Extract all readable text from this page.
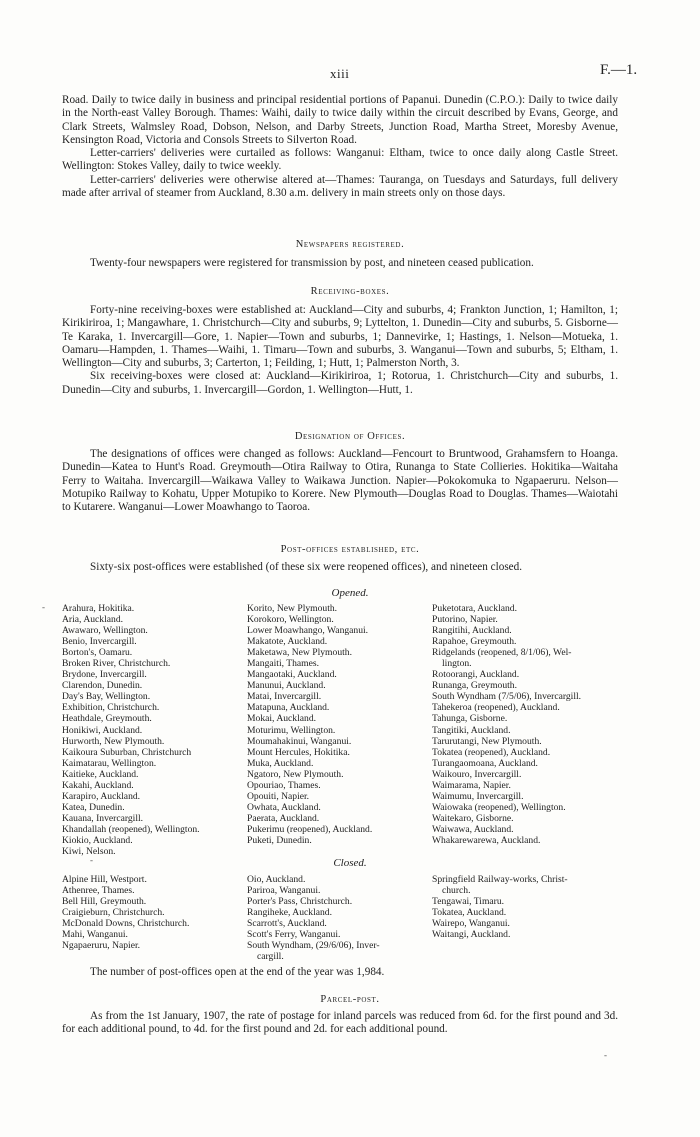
xiii	F.—1.
Road. Daily to twice daily in business and principal residential portions of Papanui. Dunedin (C.P.O.): Daily to twice daily in the North-east Valley Borough. Thames: Waihi, daily to twice daily within the circuit described by Evans, George, and Clark Streets, Walmsley Road, Dobson, Nelson, and Darby Streets, Junction Road, Martha Street, Moresby Avenue, Kensington Road, Victoria and Consols Streets to Silverton Road.
Letter-carriers' deliveries were curtailed as follows: Wanganui: Eltham, twice to once daily along Castle Street. Wellington: Stokes Valley, daily to twice weekly.
Letter-carriers' deliveries were otherwise altered at—Thames: Tauranga, on Tuesdays and Saturdays, full delivery made after arrival of steamer from Auckland, 8.30 a.m. delivery in main streets only on those days.
Newspapers registered.
Twenty-four newspapers were registered for transmission by post, and nineteen ceased publication.
Receiving-boxes.
Forty-nine receiving-boxes were established at: Auckland—City and suburbs, 4; Frankton Junction, 1; Hamilton, 1; Kirikiriroa, 1; Mangawhare, 1. Christchurch—City and suburbs, 9; Lyttelton, 1. Dunedin—City and suburbs, 5. Gisborne—Te Karaka, 1. Invercargill—Gore, 1. Napier—Town and suburbs, 1; Dannevirke, 1; Hastings, 1. Nelson—Motueka, 1. Oamaru—Hampden, 1. Thames—Waihi, 1. Timaru—Town and suburbs, 3. Wanganui—Town and suburbs, 5; Eltham, 1. Wellington—City and suburbs, 3; Carterton, 1; Feilding, 1; Hutt, 1; Palmerston North, 3.
Six receiving-boxes were closed at: Auckland—Kirikiriroa, 1; Rotorua, 1. Christchurch—City and suburbs, 1. Dunedin—City and suburbs, 1. Invercargill—Gordon, 1. Wellington—Hutt, 1.
Designation of Offices.
The designations of offices were changed as follows: Auckland—Fencourt to Bruntwood, Grahamsfern to Hoanga. Dunedin—Katea to Hunt's Road. Greymouth—Otira Railway to Otira, Runanga to State Collieries. Hokitika—Waitaha Ferry to Waitaha. Invercargill—Waikawa Valley to Waikawa Junction. Napier—Pokokomuka to Ngapaeruru. Nelson—Motupiko Railway to Kohatu, Upper Motupiko to Korere. New Plymouth—Douglas Road to Douglas. Thames—Waiotahi to Kutarere. Wanganui—Lower Moawhango to Taoroa.
Post-offices established, etc.
Sixty-six post-offices were established (of these six were reopened offices), and nineteen closed.
Opened.
Arahura, Hokitika.
Aria, Auckland.
Awawaro, Wellington.
Benio, Invercargill.
Borton's, Oamaru.
Broken River, Christchurch.
Brydone, Invercargill.
Clarendon, Dunedin.
Day's Bay, Wellington.
Exhibition, Christchurch.
Heathdale, Greymouth.
Honikiwi, Auckland.
Hurworth, New Plymouth.
Kaikoura Suburban, Christchurch
Kaimatarau, Wellington.
Kaitieke, Auckland.
Kakahi, Auckland.
Karapiro, Auckland.
Katea, Dunedin.
Kauana, Invercargill.
Khandallah (reopened), Wellington.
Kiokio, Auckland.
Kiwi, Nelson.
Korito, New Plymouth.
Korokoro, Wellington.
Lower Moawhango, Wanganui.
Makatote, Auckland.
Maketawa, New Plymouth.
Mangaiti, Thames.
Mangaotaki, Auckland.
Manunui, Auckland.
Matai, Invercargill.
Matapuna, Auckland.
Mokai, Auckland.
Moturimu, Wellington.
Moumahakinui, Wanganui.
Mount Hercules, Hokitika.
Muka, Auckland.
Ngatoro, New Plymouth.
Opouriao, Thames.
Opouiti, Napier.
Owhata, Auckland.
Paerata, Auckland.
Pukerimu (reopened), Auckland.
Puketi, Dunedin.
Puketotara, Auckland.
Putorino, Napier.
Rangitihi, Auckland.
Rapahoe, Greymouth.
Ridgelands (reopened, 8/1/06), Wel-
lington.
Rotoorangi, Auckland.
Runanga, Greymouth.
South Wyndham (7/5/06), Invercargill.
Tahekeroa (reopened), Auckland.
Tahunga, Gisborne.
Tangitiki, Auckland.
Tarurutangi, New Plymouth.
Tokatea (reopened), Auckland.
Turangaomoana, Auckland.
Waikouro, Invercargill.
Waimarama, Napier.
Waimumu, Invercargill.
Waiowaka (reopened), Wellington.
Waitekaro, Gisborne.
Waiwawa, Auckland.
Whakarewarewa, Auckland.
Closed.
Alpine Hill, Westport.
Athenree, Thames.
Bell Hill, Greymouth.
Craigieburn, Christchurch.
McDonald Downs, Christchurch.
Mahi, Wanganui.
Ngapaeruru, Napier.
Oio, Auckland.
Pariroa, Wanganui.
Porter's Pass, Christchurch.
Rangiheke, Auckland.
Scarrott's, Auckland.
Scott's Ferry, Wanganui.
South Wyndham, (29/6/06), Inver-
cargill.
Springfield Railway-works, Christ-
church.
Tengawai, Timaru.
Tokatea, Auckland.
Wairepo, Wanganui.
Waitangi, Auckland.
The number of post-offices open at the end of the year was 1,984.
Parcel-post.
As from the 1st January, 1907, the rate of postage for inland parcels was reduced from 6d. for the first pound and 3d. for each additional pound, to 4d. for the first pound and 2d. for each additional pound.
-
-
-
